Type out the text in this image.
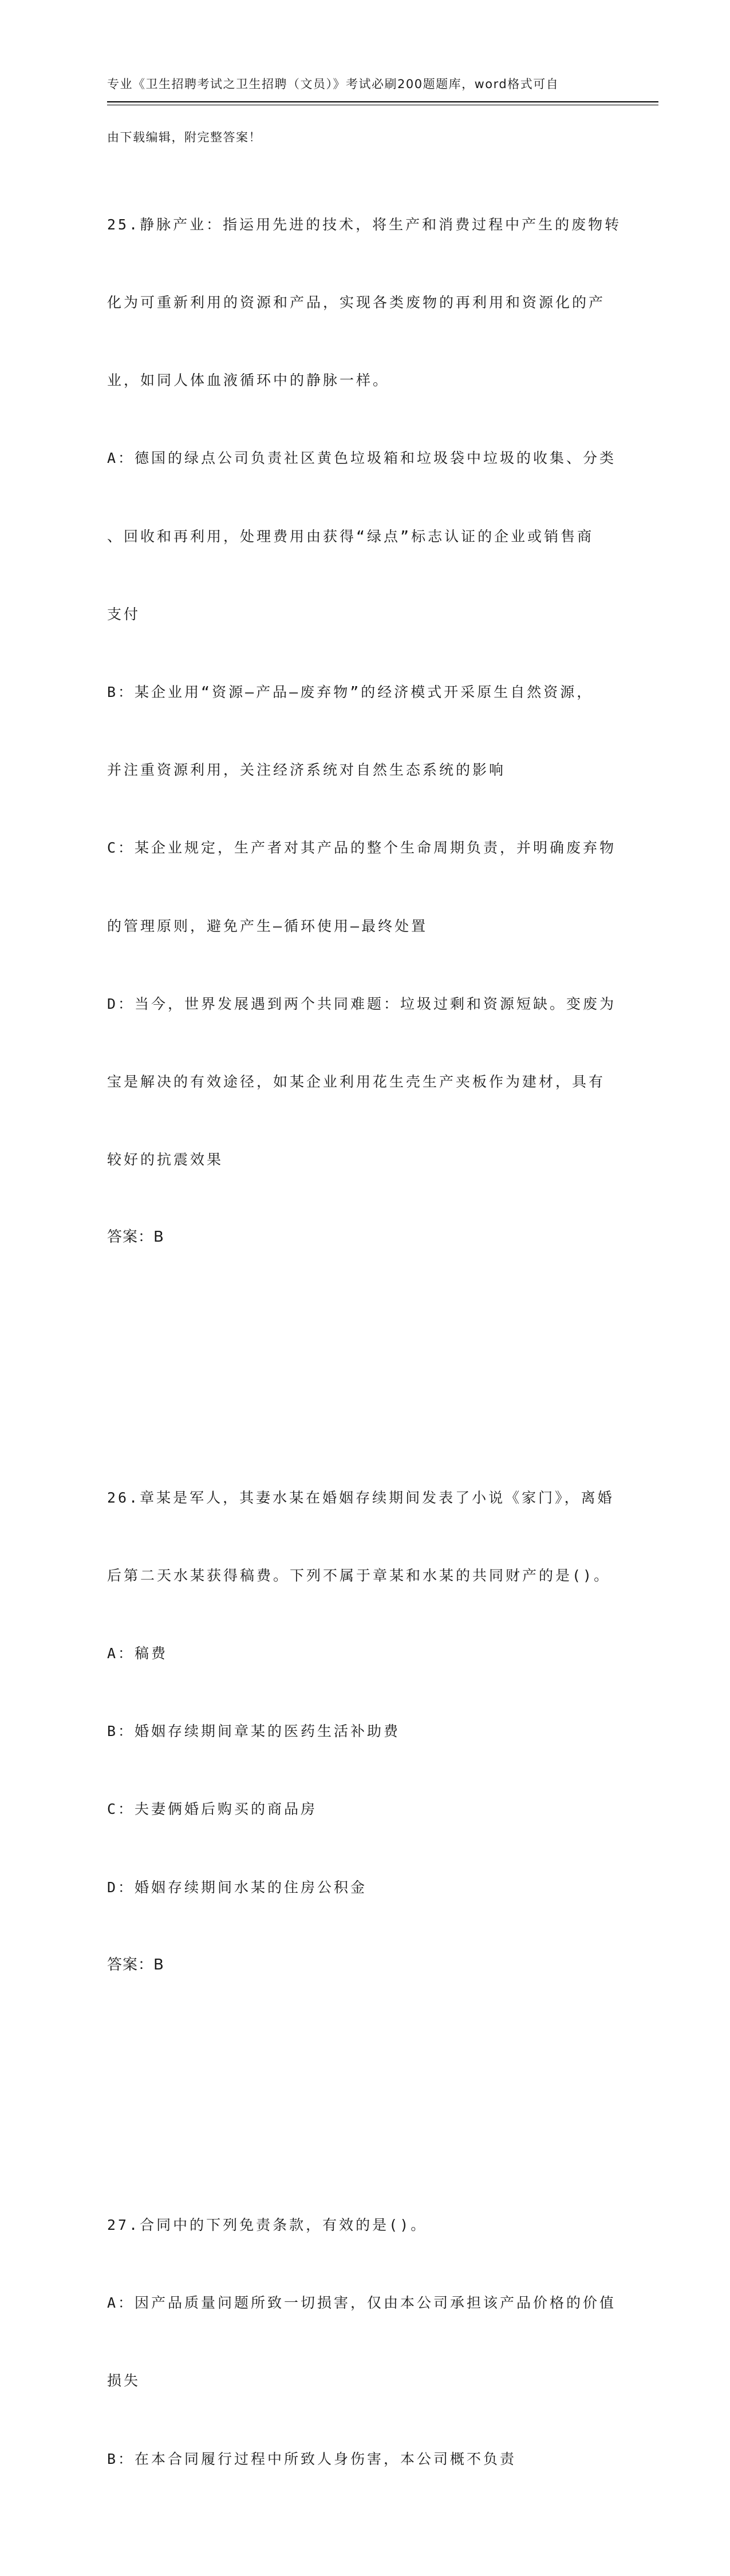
专业《卫生招聘考试之卫生招聘（文员）》考试必刷200题题库，word格式可自

由下载编辑，附完整答案！

25.静脉产业：指运用先进的技术，将生产和消费过程中产生的废物转

化为可重新利用的资源和产品，实现各类废物的再利用和资源化的产

业，如同人体血液循环中的静脉一样。

A：德国的绿点公司负责社区黄色垃圾箱和垃圾袋中垃圾的收集、分类

、回收和再利用，处理费用由获得“绿点”标志认证的企业或销售商

支付

B：某企业用“资源—产品—废弃物”的经济模式开采原生自然资源，

并注重资源利用，关注经济系统对自然生态系统的影响

C：某企业规定，生产者对其产品的整个生命周期负责，并明确废弃物

的管理原则，避免产生—循环使用—最终处置

D：当今，世界发展遇到两个共同难题：垃圾过剩和资源短缺。变废为

宝是解决的有效途径，如某企业利用花生壳生产夹板作为建材，具有

较好的抗震效果

答案：B

26.章某是军人，其妻水某在婚姻存续期间发表了小说《家门》，离婚

后第二天水某获得稿费。下列不属于章某和水某的共同财产的是()。

A：稿费

B：婚姻存续期间章某的医药生活补助费

C：夫妻俩婚后购买的商品房

D：婚姻存续期间水某的住房公积金

答案：B

27.合同中的下列免责条款，有效的是()。

A：因产品质量问题所致一切损害，仅由本公司承担该产品价格的价值

损失

B：在本合同履行过程中所致人身伤害，本公司概不负责
